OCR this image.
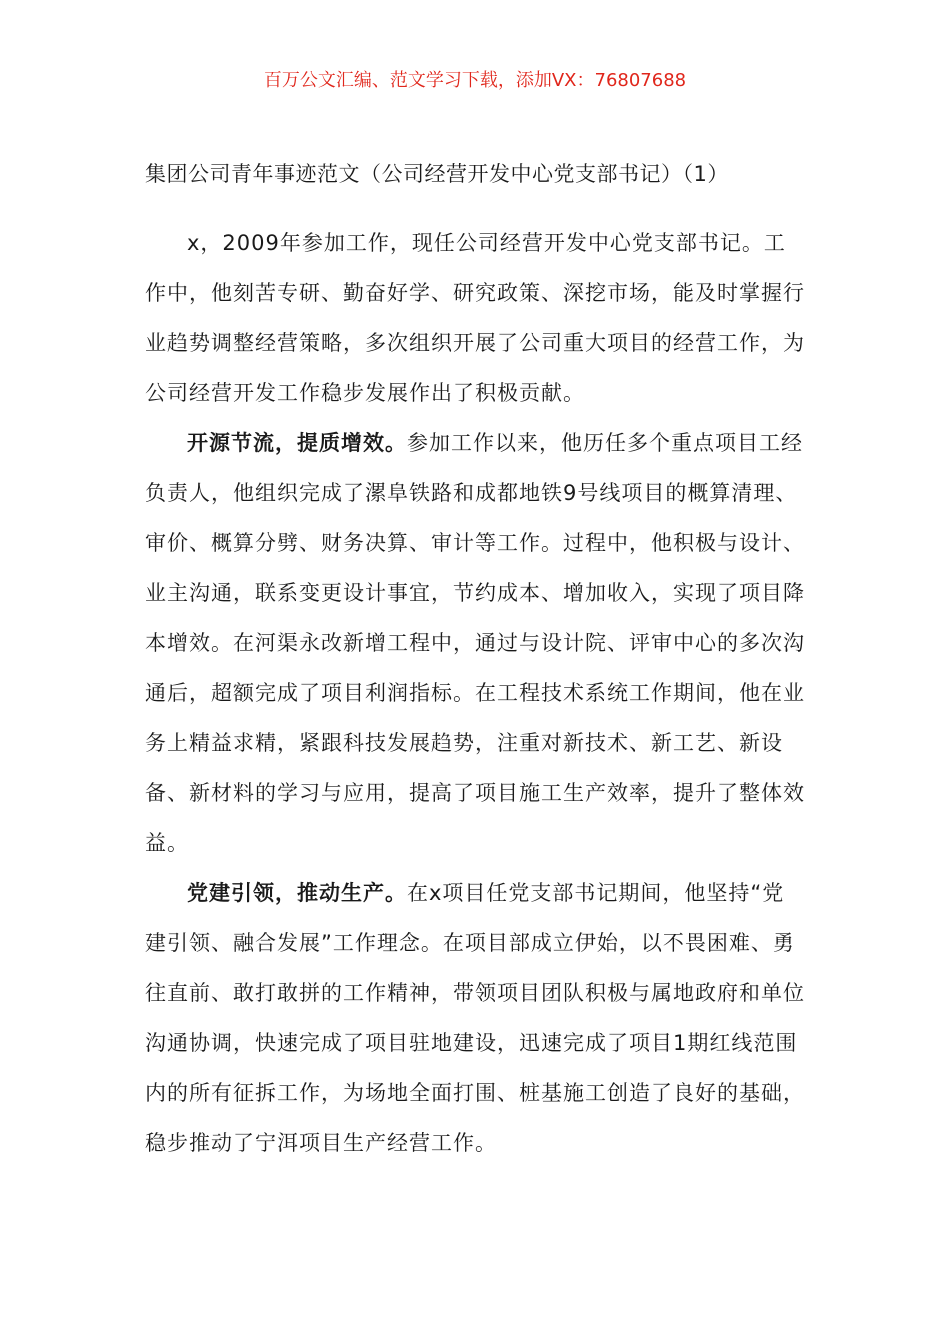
百万公文汇编、范文学习下载，添加VX：76807688
集团公司青年事迹范文（公司经营开发中心党支部书记）（1）

x，2009年参加工作，现任公司经营开发中心党支部书记。工作中，他刻苦专研、勤奋好学、研究政策、深挖市场，能及时掌握行业趋势调整经营策略，多次组织开展了公司重大项目的经营工作，为公司经营开发工作稳步发展作出了积极贡献。

开源节流，提质增效。参加工作以来，他历任多个重点项目工经负责人，他组织完成了漯阜铁路和成都地铁9号线项目的概算清理、审价、概算分劈、财务决算、审计等工作。过程中，他积极与设计、业主沟通，联系变更设计事宜，节约成本、增加收入，实现了项目降本增效。在河渠永改新增工程中，通过与设计院、评审中心的多次沟通后，超额完成了项目利润指标。在工程技术系统工作期间，他在业务上精益求精，紧跟科技发展趋势，注重对新技术、新工艺、新设备、新材料的学习与应用，提高了项目施工生产效率，提升了整体效益。

党建引领，推动生产。在x项目任党支部书记期间，他坚持“党建引领、融合发展”工作理念。在项目部成立伊始，以不畏困难、勇往直前、敢打敢拼的工作精神，带领项目团队积极与属地政府和单位沟通协调，快速完成了项目驻地建设，迅速完成了项目1期红线范围内的所有征拆工作，为场地全面打围、桩基施工创造了良好的基础，稳步推动了宁洱项目生产经营工作。
